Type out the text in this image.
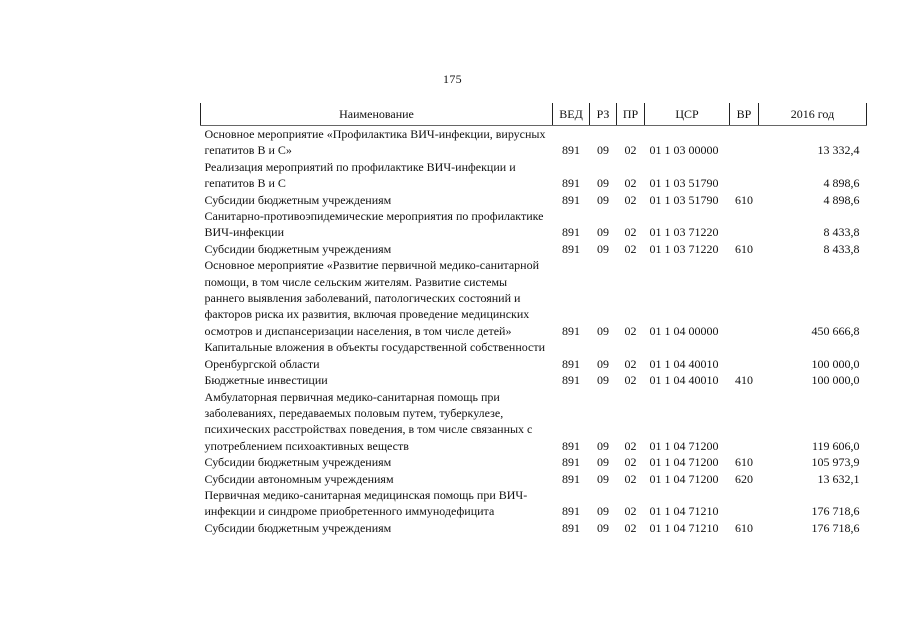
175
Наименование	ВЕД	РЗ	ПР	ЦСР	ВР	2016 год
Основное мероприятие «Профилактика ВИЧ-инфекции, вирусных гепатитов В и С»	891	09	02	01 1 03 00000		13 332,4
Реализация мероприятий по профилактике ВИЧ-инфекции и гепатитов В и С	891	09	02	01 1 03 51790		4 898,6
Субсидии бюджетным учреждениям	891	09	02	01 1 03 51790	610	4 898,6
Санитарно-противоэпидемические мероприятия по профилактике ВИЧ-инфекции	891	09	02	01 1 03 71220		8 433,8
Субсидии бюджетным учреждениям	891	09	02	01 1 03 71220	610	8 433,8
Основное мероприятие «Развитие первичной медико-санитарной помощи, в том числе сельским жителям. Развитие системы раннего выявления заболеваний, патологических состояний и факторов риска их развития, включая проведение медицинских осмотров и диспансеризации населения, в том числе детей»	891	09	02	01 1 04 00000		450 666,8
Капитальные вложения в объекты государственной собственности Оренбургской области	891	09	02	01 1 04 40010		100 000,0
Бюджетные инвестиции	891	09	02	01 1 04 40010	410	100 000,0
Амбулаторная первичная медико-санитарная помощь при заболеваниях, передаваемых половым путем, туберкулезе, психических расстройствах поведения, в том числе связанных с употреблением психоактивных веществ	891	09	02	01 1 04 71200		119 606,0
Субсидии бюджетным учреждениям	891	09	02	01 1 04 71200	610	105 973,9
Субсидии автономным учреждениям	891	09	02	01 1 04 71200	620	13 632,1
Первичная медико-санитарная медицинская помощь при ВИЧ-инфекции и синдроме приобретенного иммунодефицита	891	09	02	01 1 04 71210		176 718,6
Субсидии бюджетным учреждениям	891	09	02	01 1 04 71210	610	176 718,6
